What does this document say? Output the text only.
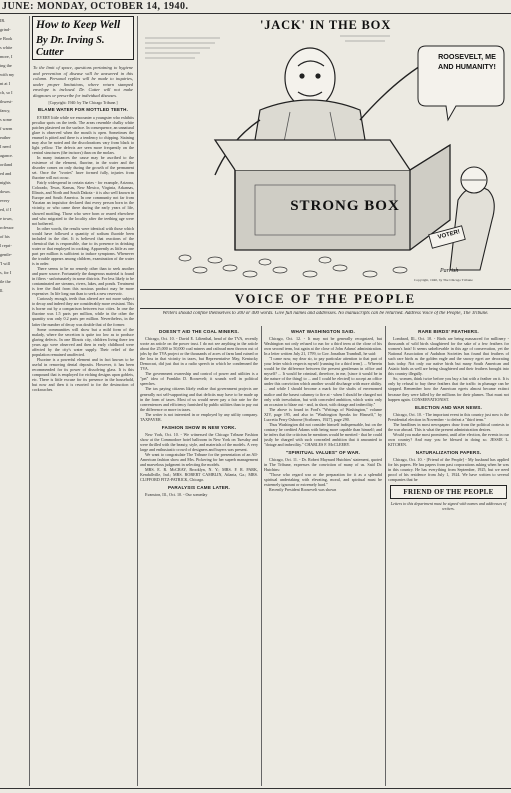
JUNE: MONDAY, OCTOBER 14, 1940.
IR.
grind-
e Book
s white
more, I
ing the
with my
nt at I
ch, so I
thwest-
fancy,
s some
f warm
eather
I need
agance.
ortland
ed and
nights
down.
every
ed, if I
e town,
rofessor
of his
l repri-
gentle-
'I will
s, for I
tle the
ll.
How to Keep Well
By Dr. Irving S. Cutter
To the limit of space, questions pertaining to hygiene and prevention of disease will be answered in this column. Personal replies will be made to inquiries, under proper limitations, where return stamped envelope is inclosed. Dr. Cutter will not make diagnoses or prescribe for individual diseases.
[Copyright: 1940: by The Chicago Tribune.]
BLAME WATER FOR MOTTLED TEETH.

EVERY little while we encounter a youngster who exhibits peculiar spots on the teeth. The areas resemble chalky white patches plastered on the surface. In consequence, an unnatural glare is observed when the mouth is open. Sometimes the enamel is pitted and there is a tendency to chipping. Staining may also be noted and the discolorations vary from black to light yellow. The defects are seen more frequently on the central structures (the incisors) than on the molars.

In many instances the cause may be ascribed to the existence of the element, fluorine, in the water and the disorder comes on only during the growth of the permanent set. Once the "ivories" have formed fully, injuries from fluorine will not occur.

Fairly widespread in certain states - for example, Arizona, Colorado, Texas, Kansas, New Mexico, Virginia, Arkansas, Illinois, and North and South Dakota - it is also well known in Europe and South America. In one community not far from Yucatan an inquisitor declared that every person born in the vicinity, or who came there during the early years of life, showed mottling. Those who were born or reared elsewhere and who migrated to the locality after the teething age were not bothered.

In other words, the results were identical with those which would have followed a quantity of sodium fluoride been included in the diet. It is believed that reactions of the chemical that is responsible, due to its presence in drinking water or that employed in cooking. Apparently as little as one part per million is sufficient to induce symptoms. Whenever the trouble appears among children, examination of the water is in order.

There seems to be no remedy other than to seek another and purer source. Fortunately the dangerous material is found in filters - unfortunately in some districts. For less likely to be contaminated are streams, rivers, lakes, and ponds. Treatment is free the fluid from this noxious product may be more expensive. In life long run than to seek a new reservoir.

Curiously enough, teeth thus altered are not more subject to decay and indeed they are considerably more resistant. This is borne out by a comparison between two cities. In one the fluorine was 1.5 parts per million, while in the other the quantity was only 0.2 parts per million. Nevertheless, in the latter the number of decay was double that of the former.

Some communities will show but a mild form of the malady, where the secretion is quite too low as to produce glaring defects. In one Illinois city, children living there ten years ago were observed and then in early childhood were affected by the city's water supply. Their relief of the population remained unaffected.

Fluorine is a powerful element and in fact known to be useful in removing dental deposits. However, it has been recommended for its power of dissolving glass. It is this compound that is employed for etching designs upon goblets, etc. There is little excuse for its presence in the household, but now and then it is resorted to for the destruction of cockroaches.

'JACK' IN THE BOX
ROOSEVELT, ME AND HUMANITY!
STRONG BOX
VOTER!
Parrish
Copyright, 1940, by The Chicago Tribune
VOICE OF THE PEOPLE
Writers should confine themselves to 300 or 400 words. Give full names and addresses. No manuscripts can be returned. Address Voice of the People, The Tribune.
DOESN'T AID THE COAL MINERS.
Chicago, Oct. 10. - David E. Lilienthal, head of the TVA, recently wrote an article on the power trust. I do not see anything in the article about the 25,000 to 50,000 coal miners and railroad men thrown out of jobs by the TVA project or the thousands of acres of farm land ruined or the loss in that vicinity in taxes, but Representative May, Kentucky Democrat, did just that in a radio speech in which he condemned the TVA.
The government ownership and control of power and utilities is a "pet" idea of Franklin D. Roosevelt; it sounds well in political speeches.
The tax paying citizens likely realize that government projects are generally not self-supporting and that deficits may have to be made up in the form of taxes. Most of us would never pay a fair rate for the conveniences and efficiency furnished by public utilities than to pay out the difference or more in taxes.
The writer is not interested in or employed by any utility company. TAXPAYER.
FASHION SHOW IN NEW YORK.
New York, Oct. 10. - We witnessed the Chicago Tribune Fashion show at the Commodore hotel ballroom in New York on Tuesday and were thrilled with the beauty, style, and materials of the models. A very large and enthusiastic crowd of designers and buyers was present.
We want to congratulate The Tribune for the presentation of an All-American fashion show and Mrs. Pickering for her superb management and marvelous judgment in selecting the models.
MRS. E. R. McCRAY, Brooklyn, N. Y.; MRS. F. R. PARK, Kendallville, Ind.; MRS. ROBERT CAMBLIN, Atlanta, Ga.; MRS. CLIFFORD FITZ-PATRICK, Chicago.
PARALYSIS CAME LATER.
Evanston, Ill., Oct. 10. - Our someday
WHAT WASHINGTON SAID.
Chicago, Oct. 12. - It may not be generally recognized, but Washington not only refused to run for a third term at the close of his own second term, but again at the close of John Adams' administration. In a letter written July 21, 1799, to Gov. Jonathan Trumbull, he said:
"I came now, my dear sir, to pay particular attention to that part of your letter which respects myself [running for a third term]. ... Wherein would be the difference between the present gentleman in office and myself? ... It would be criminal, therefore, in me, [since it would be in the nature of the thing] to ... and I could be elected] to accept an office under this conviction which another would discharge with more ability. ... and while I should become a mark for the shafts of envenomed malice and the basest calumny to fire at - when I should be charged not only with irresolution, but with concealed ambition, which waits only an occasion to blaze out - and, in short, with dotage and imbecility."
The above is found in Ford's "Writings of Washington," volume XIV, page 195, and also in "Washington Speaks for Himself," by Lucretia Perry Osborne [Scribners, 1927], page 290.
Thus Washington did not consider himself indispensable, but on the contrary he credited Adams with being more capable than himself; and he infers that the criticism he mentions would be merited - that he could justly be charged with such concealed ambition that it amounted to "dotage and imbecility." CHARLES F. McCLEERY.
"SPIRITUAL VALUES" OF WAR.
Chicago, Oct. 11. - Dr. Robert Maynard Hutchins' statement, quoted in The Tribune, expresses the conviction of many of us. Said Dr. Hutchins:
"Those who regard war or the preparation for it as a splendid spiritual undertaking with elevating, moral, and spiritual must be extremely ignorant or extremely hard."
Recently President Roosevelt was shown
RARE BIRDS' FEATHERS.
Lombard, Ill., Oct. 10. - Birds are being massacred for millinery - thousands of wild birds slaughtered for the sake of a few feathers for women's hats! It seems unbelievable in this age of conservation, yet the National Association of Audubon Societies has found that feathers of such rare birds as the golden eagle and the snowy egret are decorating hats today. Not only our native birds but many South American and Asiatic birds as well are being slaughtered and their feathers brought into this country illegally.
So, women, think twice before you buy a hat with a feather on it. It is only by refusal to buy these feathers that the traffic in plumage can be stopped. Remember how the American egrets almost became extinct because they were killed by the millions for their plumes. That must not happen again. CONSERVATIONIST.
ELECTION AND WAR NEWS.
Chicago, Oct. 10. - The important event in this country just now is the Presidential election in November - to defeat a "third term."
The headlines in most newspapers draw from the political contests to the war abroad. This is what the present administration desires.
Would you make most prominent, until after election, the events in our own country? And may you be blessed in doing so. JESSIE L. KITCHEN.
NATURALIZATION PAPERS.
Chicago, Oct. 10. - [Friend of the People] - My husband has applied for his papers. He has papers from past corporations asking when he was in this country. He has everything from September, 1925, but we need proof of his residence from July 1, 1924. We have written to several companies that he
FRIEND OF THE PEOPLE
Letters to this department must be signed with names and addresses of writers.
